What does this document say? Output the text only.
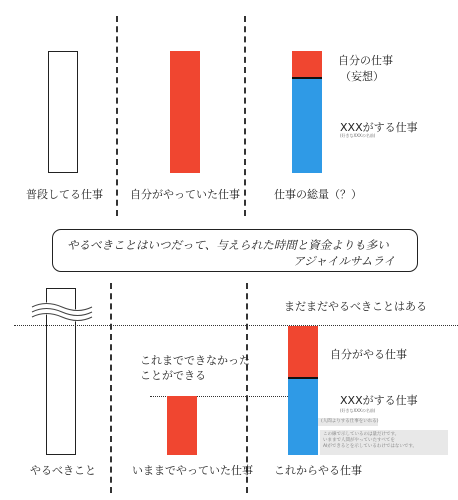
普段してる仕事 自分がやっていた仕事	仕事の総量（？）
自分の仕事
（妄想）
XXXがする仕事
(好きなXXXの名前)
やるべきことはいつだって、与えられた時間と資金よりも多い
アジャイルサムライ
やるべきこと
これまでできなかった
ことができる
いままでやっていた仕事
まだまだやるべきことはある
これからやる仕事
自分がやる仕事
XXXがする仕事
(好きなXXXの名前)
(人間よりする仕事をいれる)
この線で示しているのは量だけです。
いままで人間がやっていたすべてを
AIができるとを示しているわけではないです。
